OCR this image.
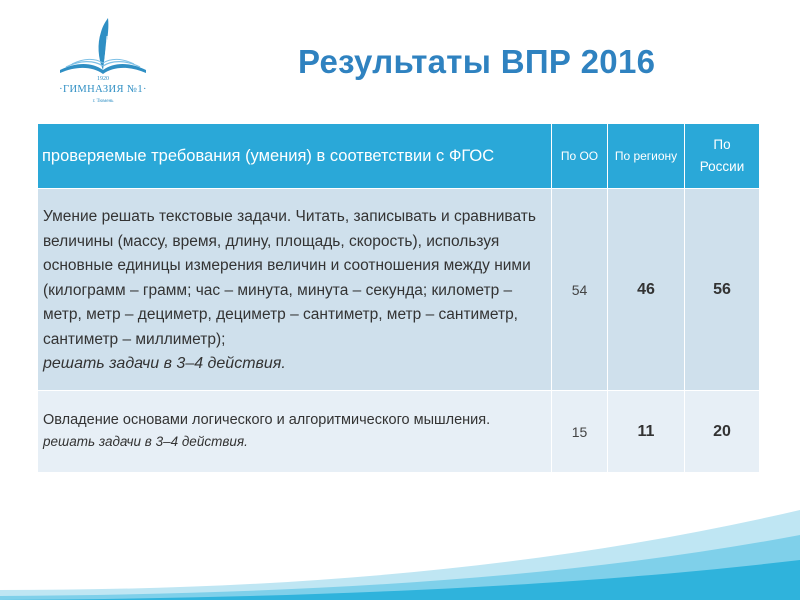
1920
·ГИМНАЗИЯ №1·
г. Тюмень
Результаты ВПР 2016
проверяемые требования (умения) в соответствии с ФГОС	По ОО	По региону	По России

Умение решать текстовые задачи. Читать, записывать и сравнивать величины (массу, время, длину, площадь, скорость), используя основные единицы измерения величин и соотношения между ними (килограмм – грамм; час – минута, минута – секунда; километр – метр, метр – дециметр, дециметр – сантиметр, метр – сантиметр, сантиметр – миллиметр);
решать задачи в 3–4 действия.	54	46	56

Овладение основами логического и алгоритмического мышления.
решать задачи в 3–4 действия.	15	11	20
